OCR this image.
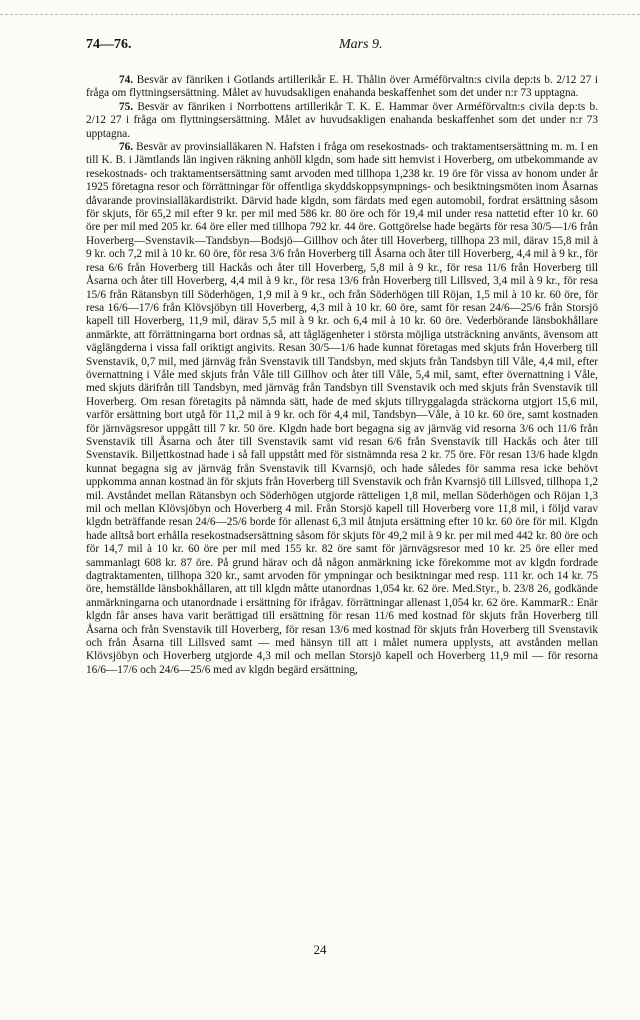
74—76.	Mars 9.

74. Besvär av fänriken i Gotlands artillerikår E. H. Thålin över Arméförvaltn:s civila dep:ts b. 2/12 27 i fråga om flyttningsersättning. Målet av huvudsakligen enahanda beskaffenhet som det under n:r 73 upptagna.

75. Besvär av fänriken i Norrbottens artillerikår T. K. E. Hammar över Arméförvaltn:s civila dep:ts b. 2/12 27 i fråga om flyttningsersättning. Målet av huvudsakligen enahanda beskaffenhet som det under n:r 73 upptagna.

76. Besvär av provinsialläkaren N. Hafsten i fråga om resekostnads- och traktamentsersättning m. m. I en till K. B. i Jämtlands län ingiven räkning anhöll klgdn, som hade sitt hemvist i Hoverberg, om utbekommande av resekostnads- och traktamentsersättning samt arvoden med tillhopa 1,238 kr. 19 öre för vissa av honom under år 1925 företagna resor och förrättningar för offentliga skyddskoppsympnings- och besiktningsmöten inom Åsarnas dåvarande provinsialläkardistrikt. Därvid hade klgdn, som färdats med egen automobil, fordrat ersättning såsom för skjuts, för 65,2 mil efter 9 kr. per mil med 586 kr. 80 öre och för 19,4 mil under resa nattetid efter 10 kr. 60 öre per mil med 205 kr. 64 öre eller med tillhopa 792 kr. 44 öre. Gottgörelse hade begärts för resa 30/5—1/6 från Hoverberg—Svenstavik—Tandsbyn—Bodsjö—Gillhov och åter till Hoverberg, tillhopa 23 mil, därav 15,8 mil à 9 kr. och 7,2 mil à 10 kr. 60 öre, för resa 3/6 från Hoverberg till Åsarna och åter till Hoverberg, 4,4 mil à 9 kr., för resa 6/6 från Hoverberg till Hackås och åter till Hoverberg, 5,8 mil à 9 kr., för resa 11/6 från Hoverberg till Åsarna och åter till Hoverberg, 4,4 mil à 9 kr., för resa 13/6 från Hoverberg till Lillsved, 3,4 mil à 9 kr., för resa 15/6 från Rätansbyn till Söderhögen, 1,9 mil à 9 kr., och från Söderhögen till Röjan, 1,5 mil à 10 kr. 60 öre, för resa 16/6—17/6 från Klövsjöbyn till Hoverberg, 4,3 mil à 10 kr. 60 öre, samt för resan 24/6—25/6 från Storsjö kapell till Hoverberg, 11,9 mil, därav 5,5 mil à 9 kr. och 6,4 mil à 10 kr. 60 öre. Vederbörande länsbokhållare anmärkte, att förrättningarna bort ordnas så, att tåglägenheter i största möjliga utsträckning använts, ävensom att väglängderna i vissa fall oriktigt angivits. Resan 30/5—1/6 hade kunnat företagas med skjuts från Hoverberg till Svenstavik, 0,7 mil, med järnväg från Svenstavik till Tandsbyn, med skjuts från Tandsbyn till Våle, 4,4 mil, efter övernattning i Våle med skjuts från Våle till Gillhov och åter till Våle, 5,4 mil, samt, efter övernattning i Våle, med skjuts därifrån till Tandsbyn, med järnväg från Tandsbyn till Svenstavik och med skjuts från Svenstavik till Hoverberg. Om resan företagits på nämnda sätt, hade de med skjuts tillryggalagda sträckorna utgjort 15,6 mil, varför ersättning bort utgå för 11,2 mil à 9 kr. och för 4,4 mil, Tandsbyn—Våle, à 10 kr. 60 öre, samt kostnaden för järnvägsresor uppgått till 7 kr. 50 öre. Klgdn hade bort begagna sig av järnväg vid resorna 3/6 och 11/6 från Svenstavik till Åsarna och åter till Svenstavik samt vid resan 6/6 från Svenstavik till Hackås och åter till Svenstavik. Biljettkostnad hade i så fall uppstått med för sistnämnda resa 2 kr. 75 öre. För resan 13/6 hade klgdn kunnat begagna sig av järnväg från Svenstavik till Kvarnsjö, och hade således för samma resa icke behövt uppkomma annan kostnad än för skjuts från Hoverberg till Svenstavik och från Kvarnsjö till Lillsved, tillhopa 1,2 mil. Avståndet mellan Rätansbyn och Söderhögen utgjorde rätteligen 1,8 mil, mellan Söderhögen och Röjan 1,3 mil och mellan Klövsjöbyn och Hoverberg 4 mil. Från Storsjö kapell till Hoverberg vore 11,8 mil, i följd varav klgdn beträffande resan 24/6—25/6 borde för allenast 6,3 mil åtnjuta ersättning efter 10 kr. 60 öre för mil. Klgdn hade alltså bort erhålla resekostnadsersättning såsom för skjuts för 49,2 mil à 9 kr. per mil med 442 kr. 80 öre och för 14,7 mil à 10 kr. 60 öre per mil med 155 kr. 82 öre samt för järnvägsresor med 10 kr. 25 öre eller med sammanlagt 608 kr. 87 öre. På grund härav och då någon anmärkning icke förekomme mot av klgdn fordrade dagtraktamenten, tillhopa 320 kr., samt arvoden för ympningar och besiktningar med resp. 111 kr. och 14 kr. 75 öre, hemställde länsbokhållaren, att till klgdn måtte utanordnas 1,054 kr. 62 öre. Med.Styr., b. 23/8 26, godkände anmärkningarna och utanordnade i ersättning för ifrågav. förrättningar allenast 1,054 kr. 62 öre. KammarR.: Enär klgdn får anses hava varit berättigad till ersättning för resan 11/6 med kostnad för skjuts från Hoverberg till Åsarna och från Svenstavik till Hoverberg, för resan 13/6 med kostnad för skjuts från Hoverberg till Svenstavik och från Åsarna till Lillsved samt — med hänsyn till att i målet numera upplysts, att avstånden mellan Klövsjöbyn och Hoverberg utgjorde 4,3 mil och mellan Storsjö kapell och Hoverberg 11,9 mil — för resorna 16/6—17/6 och 24/6—25/6 med av klgdn begärd ersättning,

24
